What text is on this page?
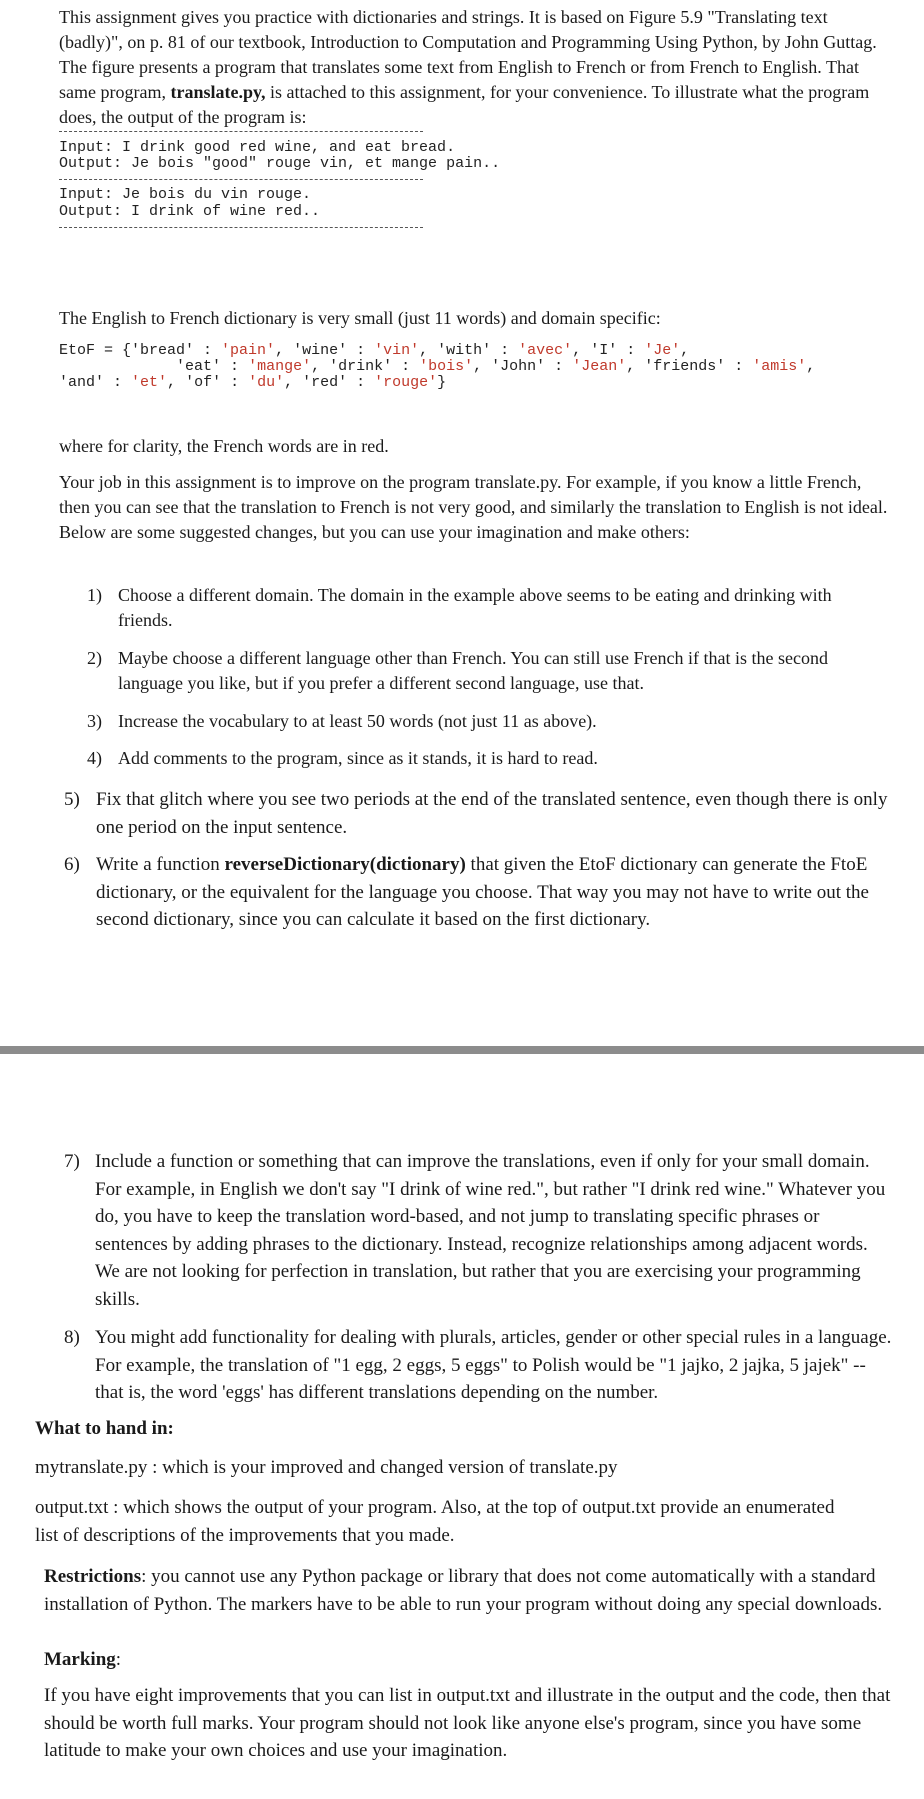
This assignment gives you practice with dictionaries and strings. It is based on Figure 5.9 "Translating text (badly)", on p. 81 of our textbook, Introduction to Computation and Programming Using Python, by John Guttag. The figure presents a program that translates some text from English to French or from French to English. That same program, translate.py, is attached to this assignment, for your convenience. To illustrate what the program does, the output of the program is:

Input: I drink good red wine, and eat bread.
Output: Je bois "good" rouge vin, et mange pain..
Input: Je bois du vin rouge.
Output: I drink of wine red..

The English to French dictionary is very small (just 11 words) and domain specific:

EtoF = {'bread' : 'pain', 'wine' : 'vin', 'with' : 'avec', 'I' : 'Je',
'eat' : 'mange', 'drink' : 'bois', 'John' : 'Jean', 'friends' : 'amis',
'and' : 'et', 'of' : 'du', 'red' : 'rouge'}

where for clarity, the French words are in red.

Your job in this assignment is to improve on the program translate.py. For example, if you know a little French, then you can see that the translation to French is not very good, and similarly the translation to English is not ideal. Below are some suggested changes, but you can use your imagination and make others:

1) Choose a different domain. The domain in the example above seems to be eating and drinking with friends.
2) Maybe choose a different language other than French. You can still use French if that is the second language you like, but if you prefer a different second language, use that.
3) Increase the vocabulary to at least 50 words (not just 11 as above).
4) Add comments to the program, since as it stands, it is hard to read.
5) Fix that glitch where you see two periods at the end of the translated sentence, even though there is only one period on the input sentence.
6) Write a function reverseDictionary(dictionary) that given the EtoF dictionary can generate the FtoE dictionary, or the equivalent for the language you choose. That way you may not have to write out the second dictionary, since you can calculate it based on the first dictionary.
7) Include a function or something that can improve the translations, even if only for your small domain. For example, in English we don't say "I drink of wine red.", but rather "I drink red wine." Whatever you do, you have to keep the translation word-based, and not jump to translating specific phrases or sentences by adding phrases to the dictionary. Instead, recognize relationships among adjacent words. We are not looking for perfection in translation, but rather that you are exercising your programming skills.
8) You might add functionality for dealing with plurals, articles, gender or other special rules in a language. For example, the translation of "1 egg, 2 eggs, 5 eggs" to Polish would be "1 jajko, 2 jajka, 5 jajek" -- that is, the word 'eggs' has different translations depending on the number.

What to hand in:

mytranslate.py : which is your improved and changed version of translate.py

output.txt : which shows the output of your program. Also, at the top of output.txt provide an enumerated list of descriptions of the improvements that you made.

Restrictions: you cannot use any Python package or library that does not come automatically with a standard installation of Python. The markers have to be able to run your program without doing any special downloads.

Marking:

If you have eight improvements that you can list in output.txt and illustrate in the output and the code, then that should be worth full marks. Your program should not look like anyone else's program, since you have some latitude to make your own choices and use your imagination.
